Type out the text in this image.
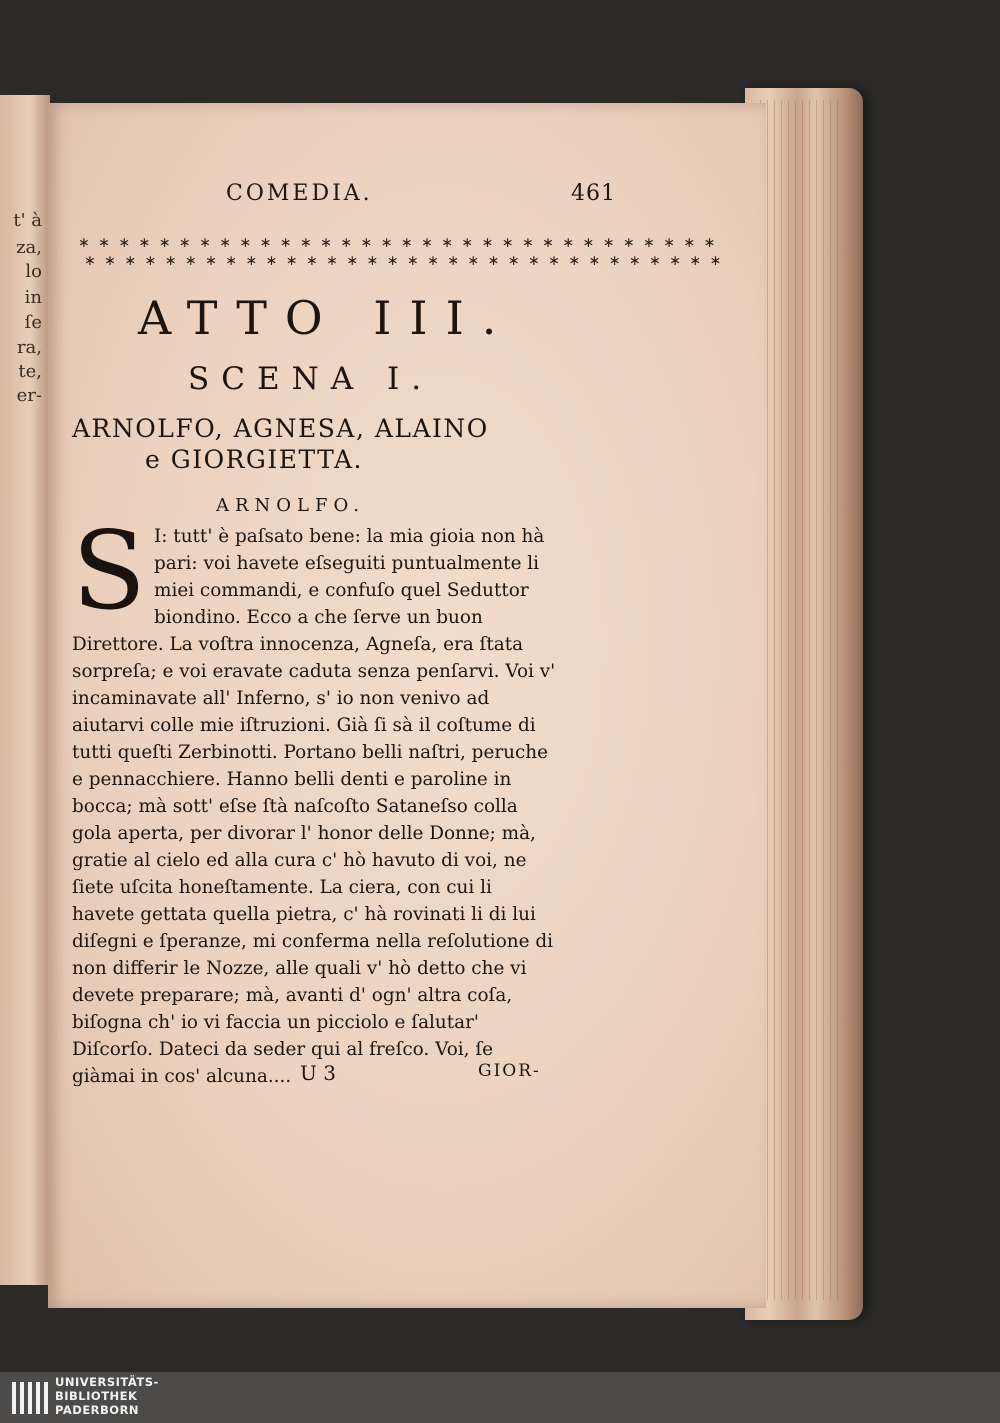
t' à
za,
lo
in
ſe
ra,
te,
er-
COMEDIA.	461
∗ ∗ ∗ ∗ ∗ ∗ ∗ ∗ ∗ ∗ ∗ ∗ ∗ ∗ ∗ ∗ ∗ ∗ ∗ ∗ ∗ ∗ ∗ ∗ ∗ ∗ ∗ ∗ ∗ ∗ ∗ ∗
∗ ∗ ∗ ∗ ∗ ∗ ∗ ∗ ∗ ∗ ∗ ∗ ∗ ∗ ∗ ∗ ∗ ∗ ∗ ∗ ∗ ∗ ∗ ∗ ∗ ∗ ∗ ∗ ∗ ∗ ∗ ∗
ATTO III.
SCENA I.
ARNOLFO, AGNESA, ALAINO
e GIORGIETTA.
ARNOLFO.
S I: tutt' è paſsato bene: la mia gioia non hà pari: voi havete eſseguiti puntualmente li miei commandi, e confuſo quel Seduttor biondino. Ecco a che ſerve un buon Direttore. La voſtra innocenza, Agneſa, era ſtata sorpreſa; e voi eravate caduta senza penſarvi. Voi v' incaminavate all' Inferno, s' io non venivo ad aiutarvi colle mie iſtruzioni. Già ſi sà il coſtume di tutti queſti Zerbinotti. Portano belli naſtri, peruche e pennacchiere. Hanno belli denti e paroline in bocca; mà sott' eſse ſtà naſcoſto Sataneſso colla gola aperta, per divorar l' honor delle Donne; mà, gratie al cielo ed alla cura c' hò havuto di voi, ne ſiete uſcita honeſtamente. La ciera, con cui li havete gettata quella pietra, c' hà rovinati li di lui diſegni e ſperanze, mi conferma nella reſolutione di non differir le Nozze, alle quali v' hò detto che vi devete preparare; mà, avanti d' ogn' altra coſa, biſogna ch' io vi faccia un picciolo e ſalutar' Diſcorſo. Dateci da seder qui al freſco. Voi, ſe giàmai in cos' alcuna.... U 3	GIOR-
UNIVERSITÄTS-
BIBLIOTHEK
PADERBORN
